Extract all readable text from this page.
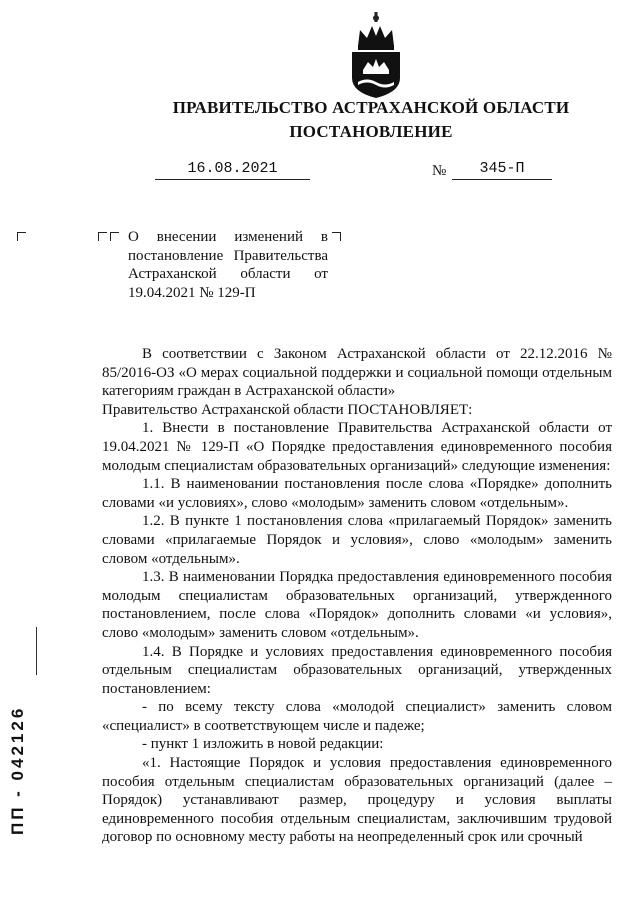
ПРАВИТЕЛЬСТВО АСТРАХАНСКОЙ ОБЛАСТИ
ПОСТАНОВЛЕНИЕ
16.08.2021	№	345-П
О внесении изменений в постановление Правительства Астраханской области от 19.04.2021 № 129-П

В соответствии с Законом Астраханской области от 22.12.2016 № 85/2016-ОЗ «О мерах социальной поддержки и социальной помощи отдельным категориям граждан в Астраханской области»

Правительство Астраханской области ПОСТАНОВЛЯЕТ:

1. Внести в постановление Правительства Астраханской области от 19.04.2021 № 129-П «О Порядке предоставления единовременного пособия молодым специалистам образовательных организаций» следующие изменения:

1.1. В наименовании постановления после слова «Порядке» дополнить словами «и условиях», слово «молодым» заменить словом «отдельным».

1.2. В пункте 1 постановления слова «прилагаемый Порядок» заменить словами «прилагаемые Порядок и условия», слово «молодым» заменить словом «отдельным».

1.3. В наименовании Порядка предоставления единовременного пособия молодым специалистам образовательных организаций, утвержденного постановлением, после слова «Порядок» дополнить словами «и условия», слово «молодым» заменить словом «отдельным».

1.4. В Порядке и условиях предоставления единовременного пособия отдельным специалистам образовательных организаций, утвержденных постановлением:

- по всему тексту слова «молодой специалист» заменить словом «специалист» в соответствующем числе и падеже;

- пункт 1 изложить в новой редакции:

«1. Настоящие Порядок и условия предоставления единовременного пособия отдельным специалистам образовательных организаций (далее – Порядок) устанавливают размер, процедуру и условия выплаты единовременного пособия отдельным специалистам, заключившим трудовой договор по основному месту работы на неопределенный срок или срочный

ПП - 042126
